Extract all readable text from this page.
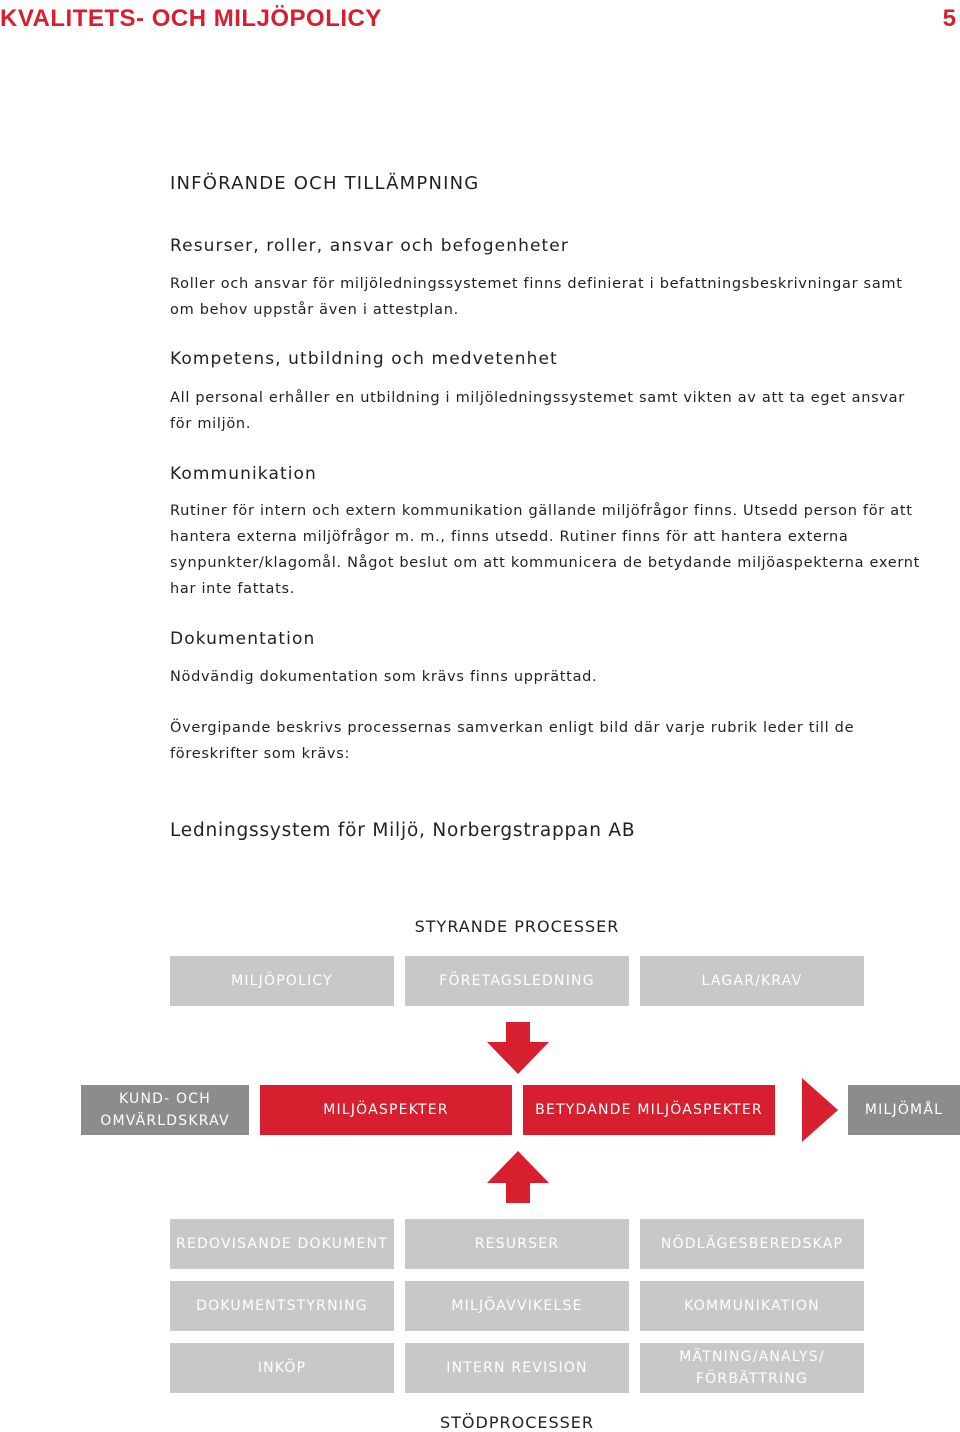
KVALITETS- OCH MILJÖPOLICY	5
INFÖRANDE OCH TILLÄMPNING
Resurser, roller, ansvar och befogenheter
Roller och ansvar för miljöledningssystemet finns definierat i befattningsbeskrivningar samt om behov uppstår även i attestplan.
Kompetens, utbildning och medvetenhet
All personal erhåller en utbildning i miljöledningssystemet samt vikten av att ta eget ansvar för miljön.
Kommunikation
Rutiner för intern och extern kommunikation gällande miljöfrågor finns. Utsedd person för att hantera externa miljöfrågor m. m., finns utsedd. Rutiner finns för att hantera externa synpunkter/klagomål. Något beslut om att kommunicera de betydande miljöaspekterna exernt har inte fattats.
Dokumentation
Nödvändig dokumentation som krävs finns upprättad.
Övergipande beskrivs processernas samverkan enligt bild där varje rubrik leder till de föreskrifter som krävs:
Ledningssystem för Miljö, Norbergstrappan AB
STYRANDE PROCESSER
MILJÖPOLICY	FÖRETAGSLEDNING	LAGAR/KRAV
KUND- OCH OMVÄRLDSKRAV
MILJÖASPEKTER	BETYDANDE MILJÖASPEKTER	MILJÖMÅL
REDOVISANDE DOKUMENT	RESURSER	NÖDLÄGESBEREDSKAP
DOKUMENTSTYRNING	MILJÖAVVIKELSE	KOMMUNIKATION
INKÖP	INTERN REVISION
MÄTNING/ANALYS/ FÖRBÄTTRING
STÖDPROCESSER
